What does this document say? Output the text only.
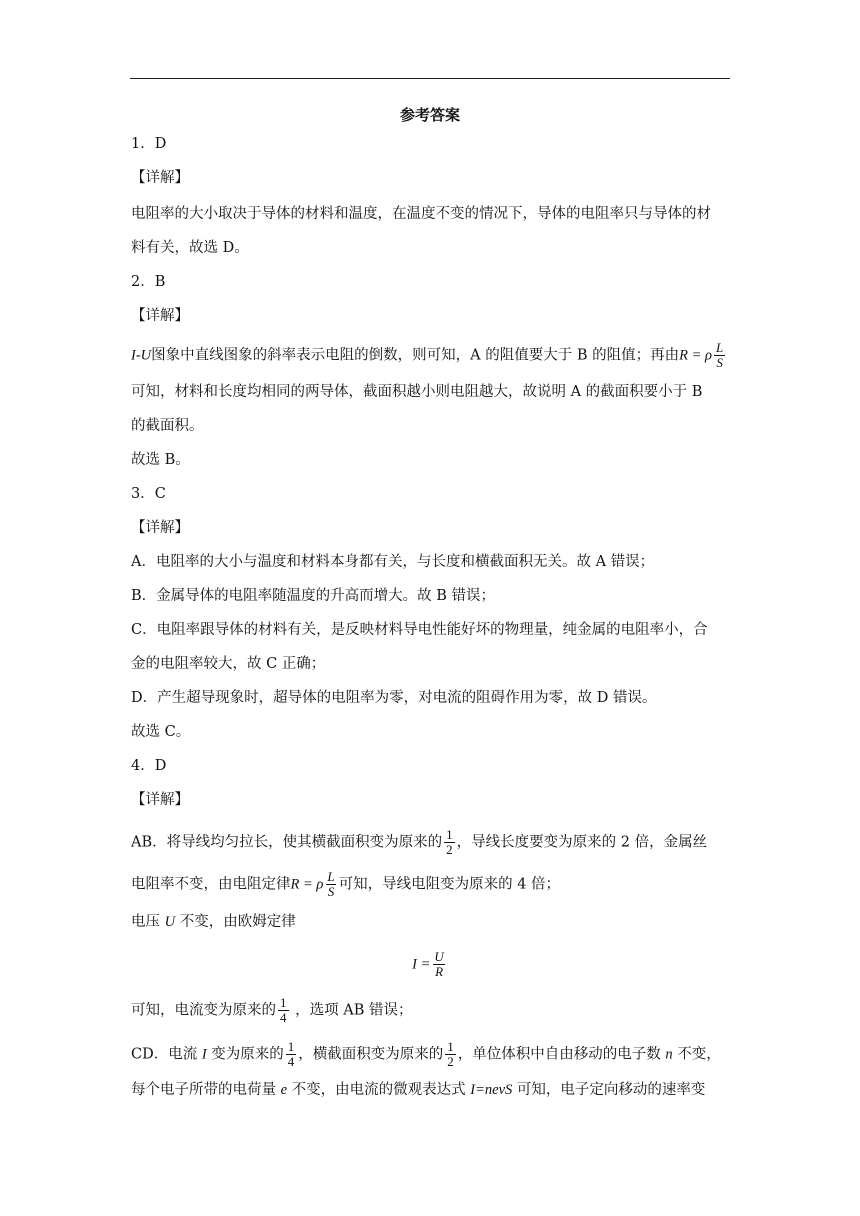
参考答案
1．D
【详解】
电阻率的大小取决于导体的材料和温度，在温度不变的情况下，导体的电阻率只与导体的材
料有关，故选 D。
2．B
【详解】
I-U图象中直线图象的斜率表示电阻的倒数，则可知，A 的阻值要大于 B 的阻值；再由R = ρ $\frac{L}{S}$
可知，材料和长度均相同的两导体，截面积越小则电阻越大，故说明 A 的截面积要小于 B
的截面积。
故选 B。
3．C
【详解】
A．电阻率的大小与温度和材料本身都有关，与长度和横截面积无关。故 A 错误；
B．金属导体的电阻率随温度的升高而增大。故 B 错误；
C．电阻率跟导体的材料有关，是反映材料导电性能好坏的物理量，纯金属的电阻率小，合
金的电阻率较大，故 C 正确；
D．产生超导现象时，超导体的电阻率为零，对电流的阻碍作用为零，故 D 错误。
故选 C。
4．D
【详解】
AB．将导线均匀拉长，使其横截面积变为原来的 $\frac{1}{2}$ ，导线长度要变为原来的 2 倍，金属丝
电阻率不变，由电阻定律R = ρ $\frac{L}{S}$ 可知，导线电阻变为原来的 4 倍；
电压 U 不变，由欧姆定律
$I = \frac{U}{R}$
可知，电流变为原来的 $\frac{1}{4}$ ，选项 AB 错误；
CD．电流 I 变为原来的 $\frac{1}{4}$ ，横截面积变为原来的 $\frac{1}{2}$ ，单位体积中自由移动的电子数 n 不变，
每个电子所带的电荷量 e 不变，由电流的微观表达式 I=nevS 可知，电子定向移动的速率变
